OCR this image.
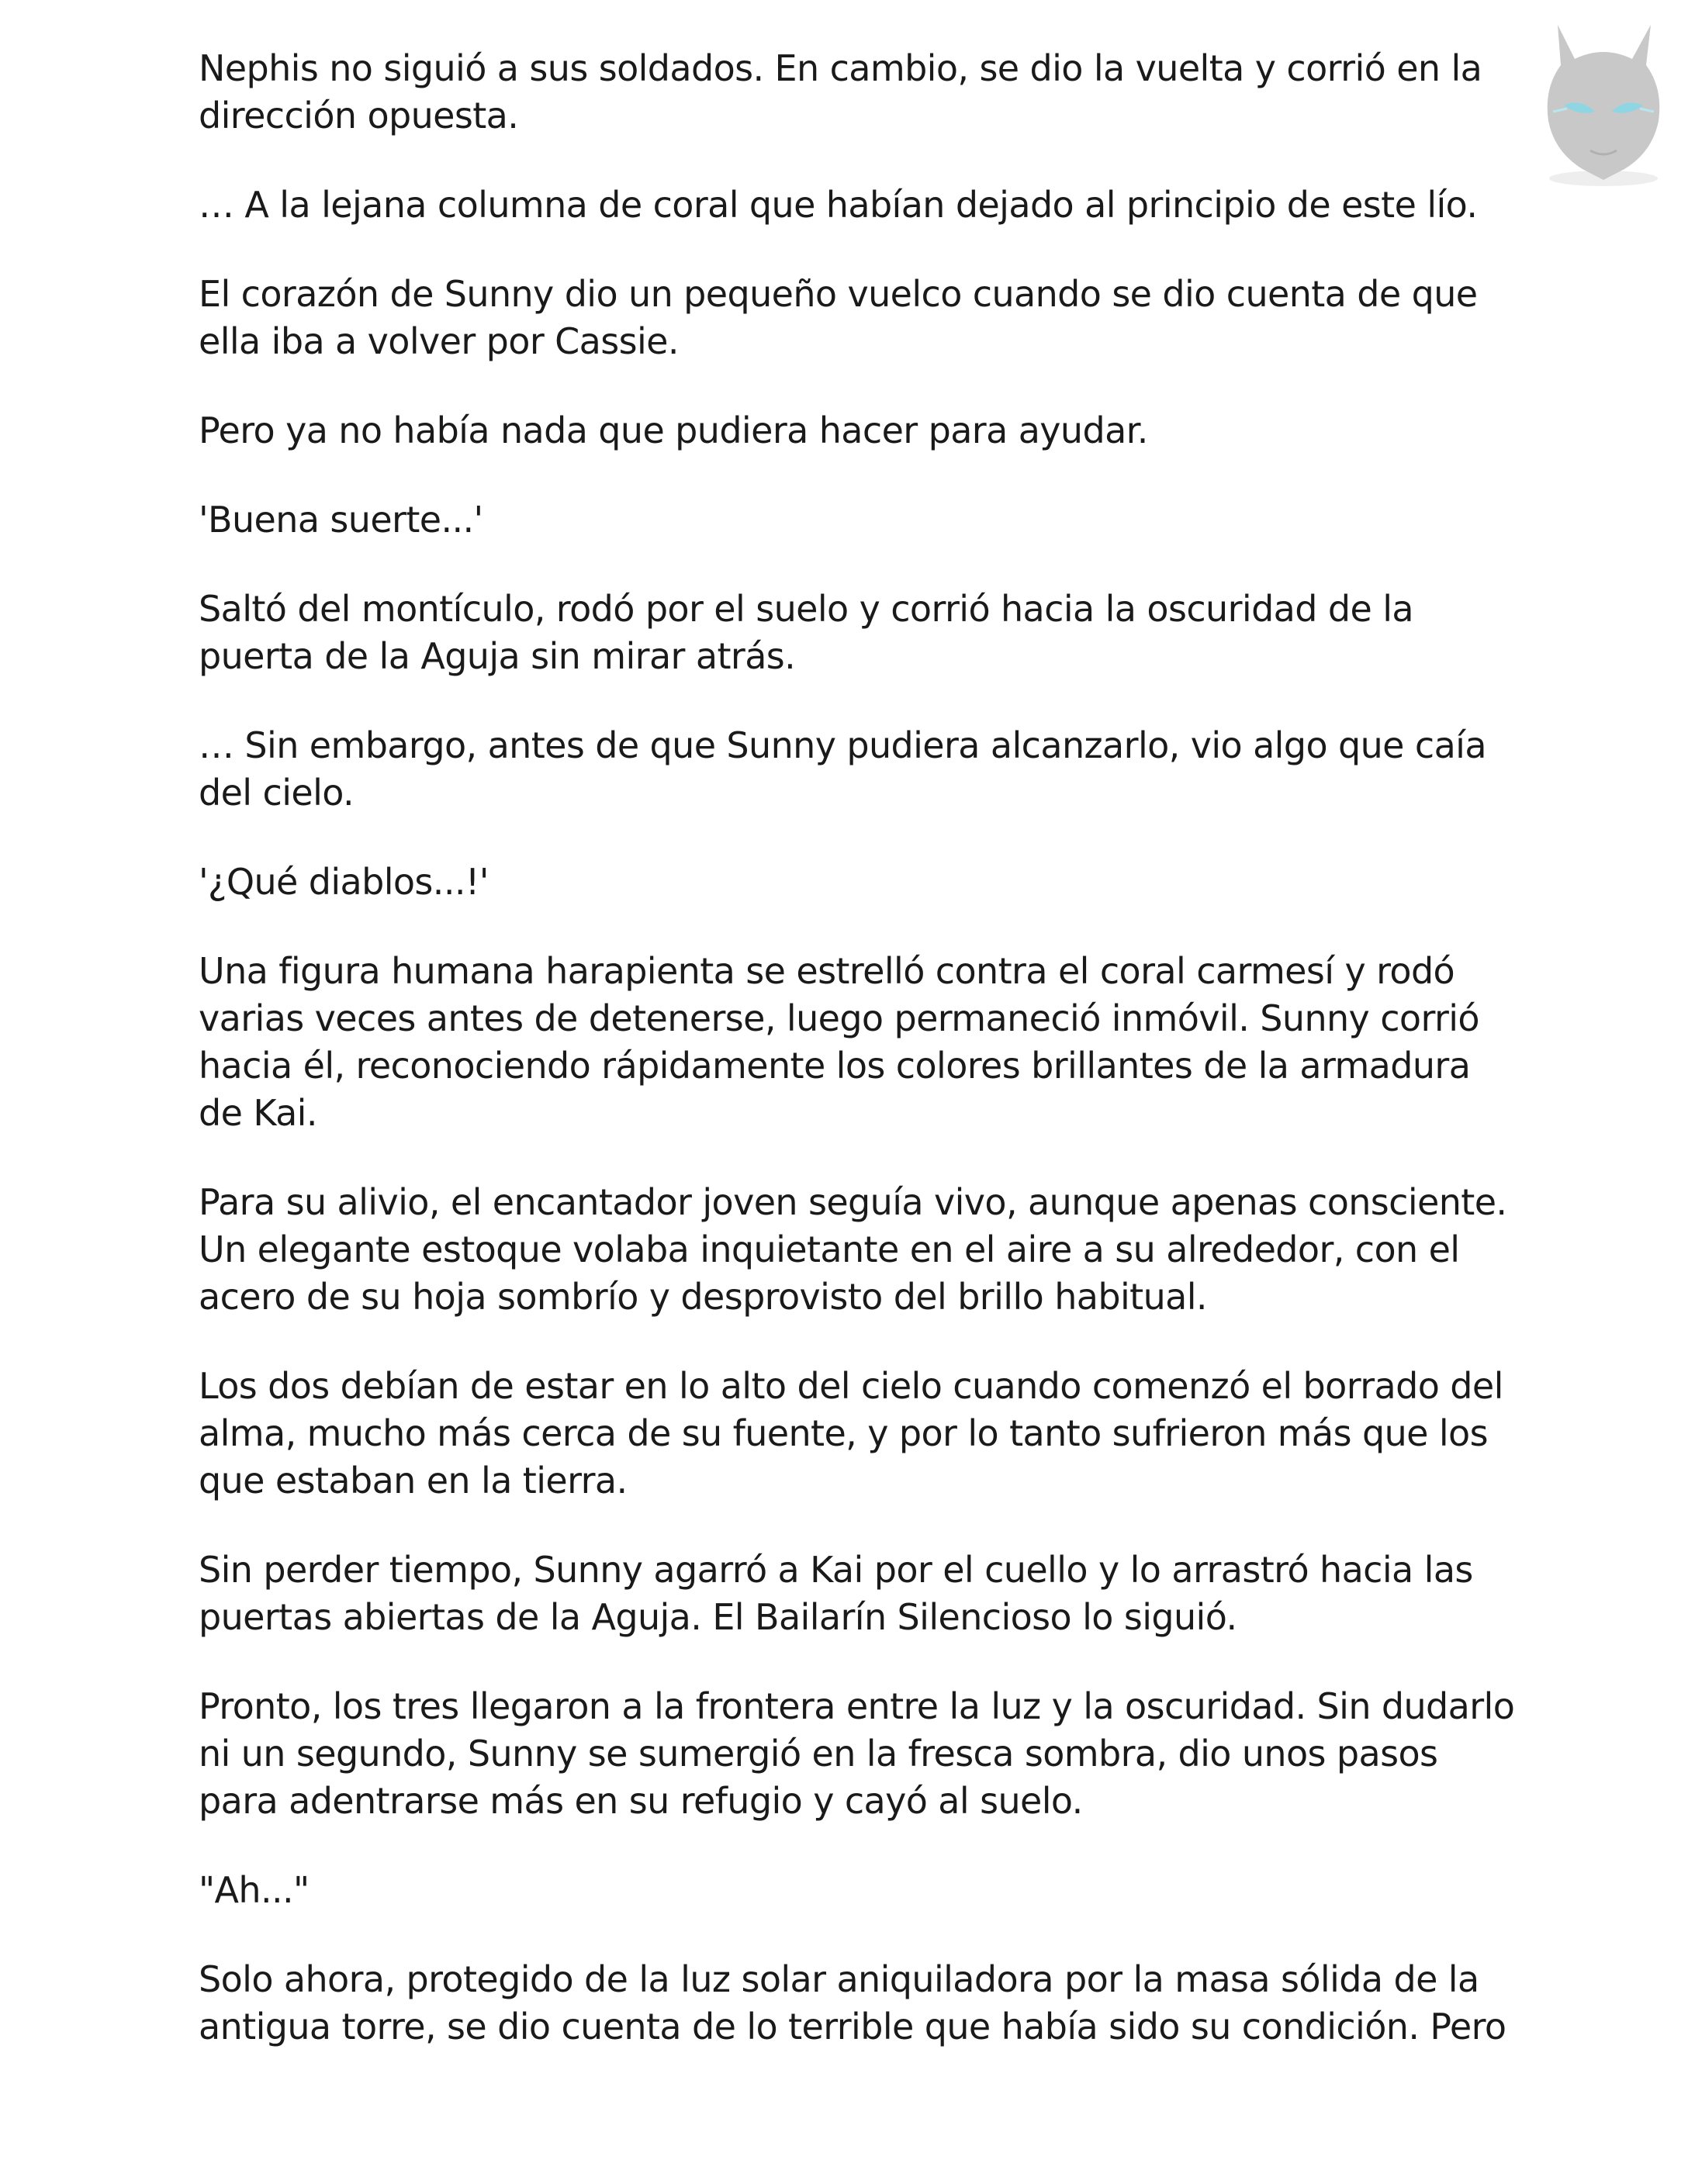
Nephis no siguió a sus soldados. En cambio, se dio la vuelta y corrió en la dirección opuesta.

… A la lejana columna de coral que habían dejado al principio de este lío.

El corazón de Sunny dio un pequeño vuelco cuando se dio cuenta de que ella iba a volver por Cassie.

Pero ya no había nada que pudiera hacer para ayudar.

'Buena suerte...'

Saltó del montículo, rodó por el suelo y corrió hacia la oscuridad de la puerta de la Aguja sin mirar atrás.

… Sin embargo, antes de que Sunny pudiera alcanzarlo, vio algo que caía del cielo.

'¿Qué diablos...!'

Una figura humana harapienta se estrelló contra el coral carmesí y rodó varias veces antes de detenerse, luego permaneció inmóvil. Sunny corrió hacia él, reconociendo rápidamente los colores brillantes de la armadura de Kai.

Para su alivio, el encantador joven seguía vivo, aunque apenas consciente. Un elegante estoque volaba inquietante en el aire a su alrededor, con el acero de su hoja sombrío y desprovisto del brillo habitual.

Los dos debían de estar en lo alto del cielo cuando comenzó el borrado del alma, mucho más cerca de su fuente, y por lo tanto sufrieron más que los que estaban en la tierra.

Sin perder tiempo, Sunny agarró a Kai por el cuello y lo arrastró hacia las puertas abiertas de la Aguja. El Bailarín Silencioso lo siguió.

Pronto, los tres llegaron a la frontera entre la luz y la oscuridad. Sin dudarlo ni un segundo, Sunny se sumergió en la fresca sombra, dio unos pasos para adentrarse más en su refugio y cayó al suelo.

"Ah..."

Solo ahora, protegido de la luz solar aniquiladora por la masa sólida de la antigua torre, se dio cuenta de lo terrible que había sido su condición. Pero
